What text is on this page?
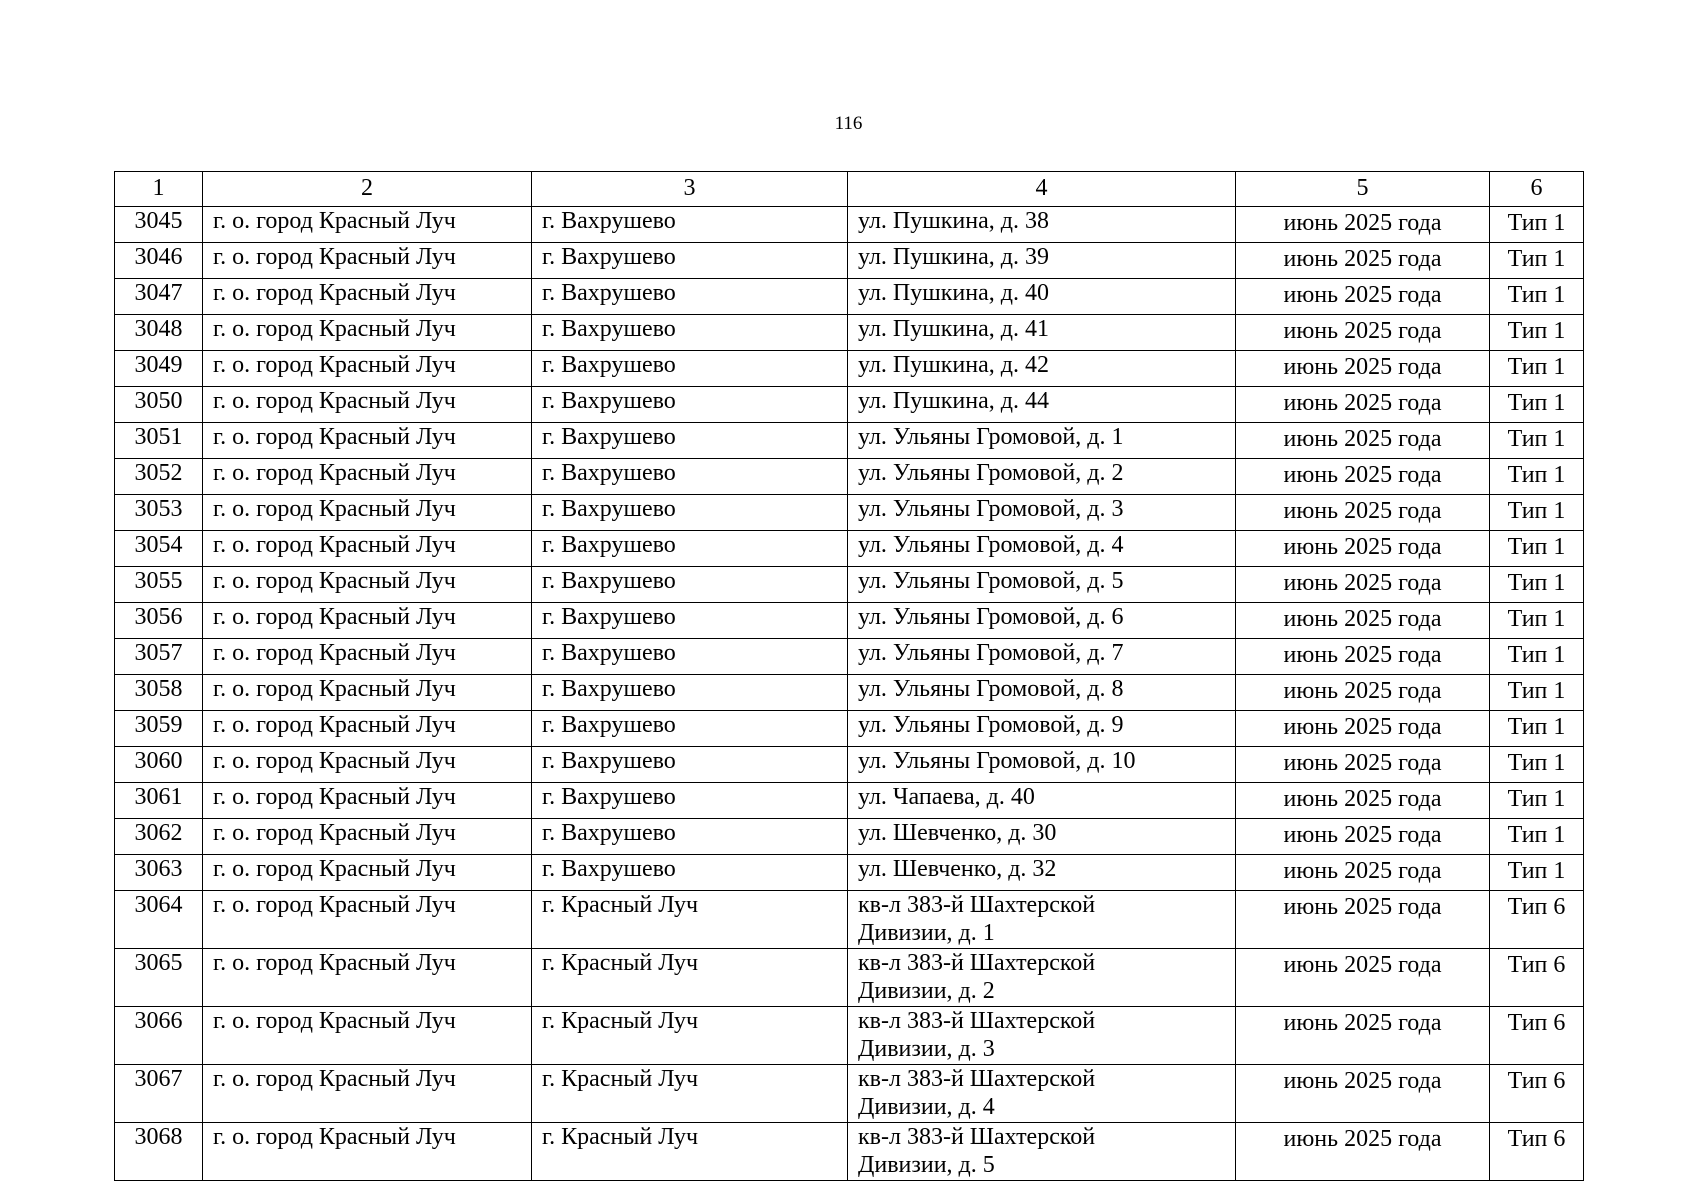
116
1	2	3	4	5	6
3045	г. о. город Красный Луч	г. Вахрушево	ул. Пушкина, д. 38	июнь 2025 года	Тип 1
3046	г. о. город Красный Луч	г. Вахрушево	ул. Пушкина, д. 39	июнь 2025 года	Тип 1
3047	г. о. город Красный Луч	г. Вахрушево	ул. Пушкина, д. 40	июнь 2025 года	Тип 1
3048	г. о. город Красный Луч	г. Вахрушево	ул. Пушкина, д. 41	июнь 2025 года	Тип 1
3049	г. о. город Красный Луч	г. Вахрушево	ул. Пушкина, д. 42	июнь 2025 года	Тип 1
3050	г. о. город Красный Луч	г. Вахрушево	ул. Пушкина, д. 44	июнь 2025 года	Тип 1
3051	г. о. город Красный Луч	г. Вахрушево	ул. Ульяны Громовой, д. 1	июнь 2025 года	Тип 1
3052	г. о. город Красный Луч	г. Вахрушево	ул. Ульяны Громовой, д. 2	июнь 2025 года	Тип 1
3053	г. о. город Красный Луч	г. Вахрушево	ул. Ульяны Громовой, д. 3	июнь 2025 года	Тип 1
3054	г. о. город Красный Луч	г. Вахрушево	ул. Ульяны Громовой, д. 4	июнь 2025 года	Тип 1
3055	г. о. город Красный Луч	г. Вахрушево	ул. Ульяны Громовой, д. 5	июнь 2025 года	Тип 1
3056	г. о. город Красный Луч	г. Вахрушево	ул. Ульяны Громовой, д. 6	июнь 2025 года	Тип 1
3057	г. о. город Красный Луч	г. Вахрушево	ул. Ульяны Громовой, д. 7	июнь 2025 года	Тип 1
3058	г. о. город Красный Луч	г. Вахрушево	ул. Ульяны Громовой, д. 8	июнь 2025 года	Тип 1
3059	г. о. город Красный Луч	г. Вахрушево	ул. Ульяны Громовой, д. 9	июнь 2025 года	Тип 1
3060	г. о. город Красный Луч	г. Вахрушево	ул. Ульяны Громовой, д. 10	июнь 2025 года	Тип 1
3061	г. о. город Красный Луч	г. Вахрушево	ул. Чапаева, д. 40	июнь 2025 года	Тип 1
3062	г. о. город Красный Луч	г. Вахрушево	ул. Шевченко, д. 30	июнь 2025 года	Тип 1
3063	г. о. город Красный Луч	г. Вахрушево	ул. Шевченко, д. 32	июнь 2025 года	Тип 1
3064	г. о. город Красный Луч	г. Красный Луч	кв-л 383-й Шахтерской
Дивизии, д. 1	июнь 2025 года	Тип 6
3065	г. о. город Красный Луч	г. Красный Луч	кв-л 383-й Шахтерской
Дивизии, д. 2	июнь 2025 года	Тип 6
3066	г. о. город Красный Луч	г. Красный Луч	кв-л 383-й Шахтерской
Дивизии, д. 3	июнь 2025 года	Тип 6
3067	г. о. город Красный Луч	г. Красный Луч	кв-л 383-й Шахтерской
Дивизии, д. 4	июнь 2025 года	Тип 6
3068	г. о. город Красный Луч	г. Красный Луч	кв-л 383-й Шахтерской
Дивизии, д. 5	июнь 2025 года	Тип 6
